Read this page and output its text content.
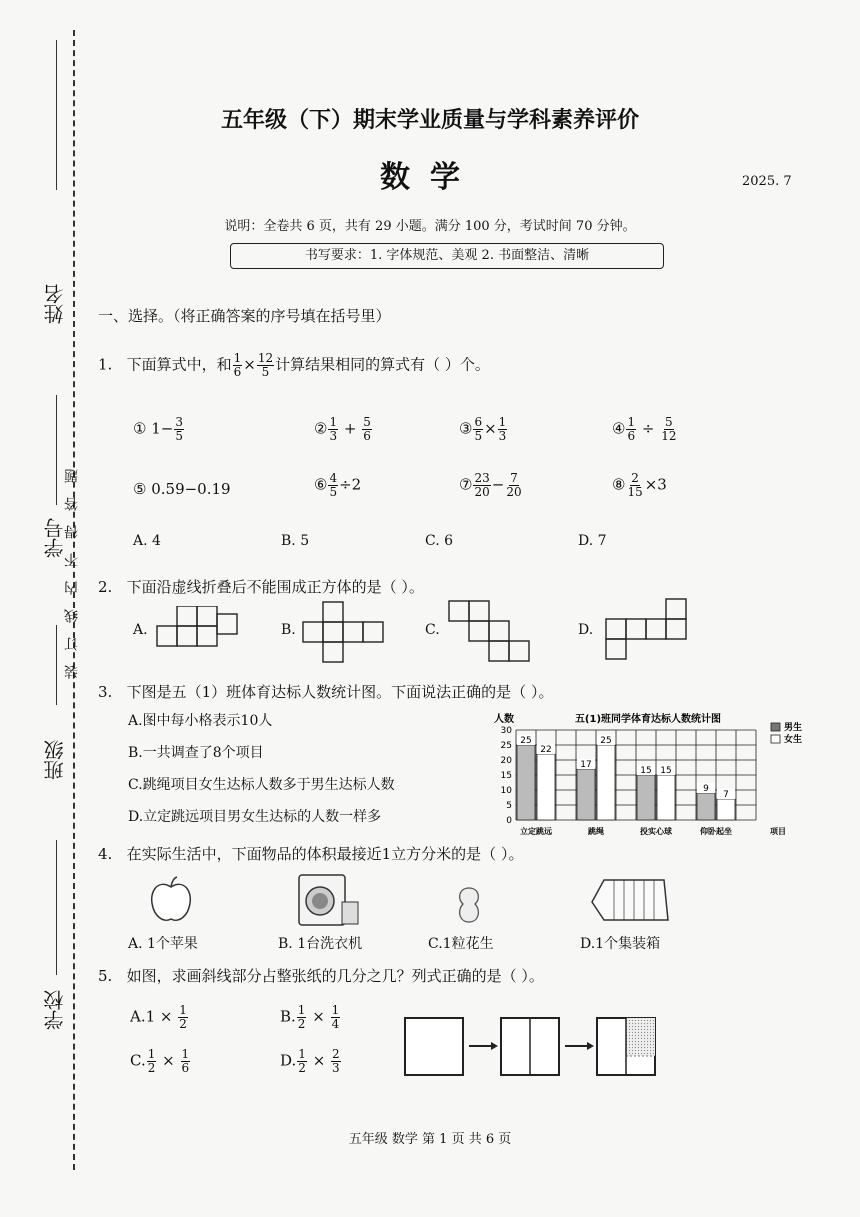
姓名
学号
班级
学校
装订线内不得答题
五年级（下）期末学业质量与学科素养评价
数学	2025. 7
说明：全卷共 6 页，共有 29 小题。满分 100 分，考试时间 70 分钟。
书写要求：1. 字体规范、美观 2. 书面整洁、清晰
一、选择。（将正确答案的序号填在括号里）
1. 下面算式中，和 $\frac{1}{6} \times \frac{12}{5}$ 计算结果相同的算式有（ ）个。
① $1- \frac{3}{5}$	② $\frac{1}{3} + \frac{5}{6}$	③ $\frac{6}{5} \times \frac{1}{3}$	④ $\frac{1}{6} \div \frac{5}{12}$
⑤ 0.59−0.19	⑥ $\frac{4}{5} \div 2$	⑦ $\frac{23}{20} - \frac{7}{20}$	⑧ $\frac{2}{15} \times 3$
A. 4	B. 5	C. 6	D. 7
2. 下面沿虚线折叠后不能围成正方体的是（ ）。
A.	B.	C.	D.
3. 下图是五（1）班体育达标人数统计图。下面说法正确的是（ ）。
A.图中每小格表示10人
B.一共调查了8个项目
C.跳绳项目女生达标人数多于男生达标人数
D.立定跳远项目男女生达标的人数一样多
人数	五(1)班同学体育达标人数统计图
项目
0
5
10
15
20
25
30
25
22
立定跳远
17
25
跳绳
15 15
投实心球
9
7
仰卧起坐
男生
女生
4. 在实际生活中，下面物品的体积最接近1立方分米的是（ ）。
A. 1个苹果	B. 1台洗衣机	C.1粒花生	D.1个集装箱
5. 如图，求画斜线部分占整张纸的几分之几？列式正确的是（ ）。
$A.1 \times \frac{1}{2}$	B. $\frac{1}{2} \times \frac{1}{4}$
C. $\frac{1}{2} \times \frac{1}{6}$	D. $\frac{1}{2} \times \frac{2}{3}$
五年级 数学 第 1 页 共 6 页
